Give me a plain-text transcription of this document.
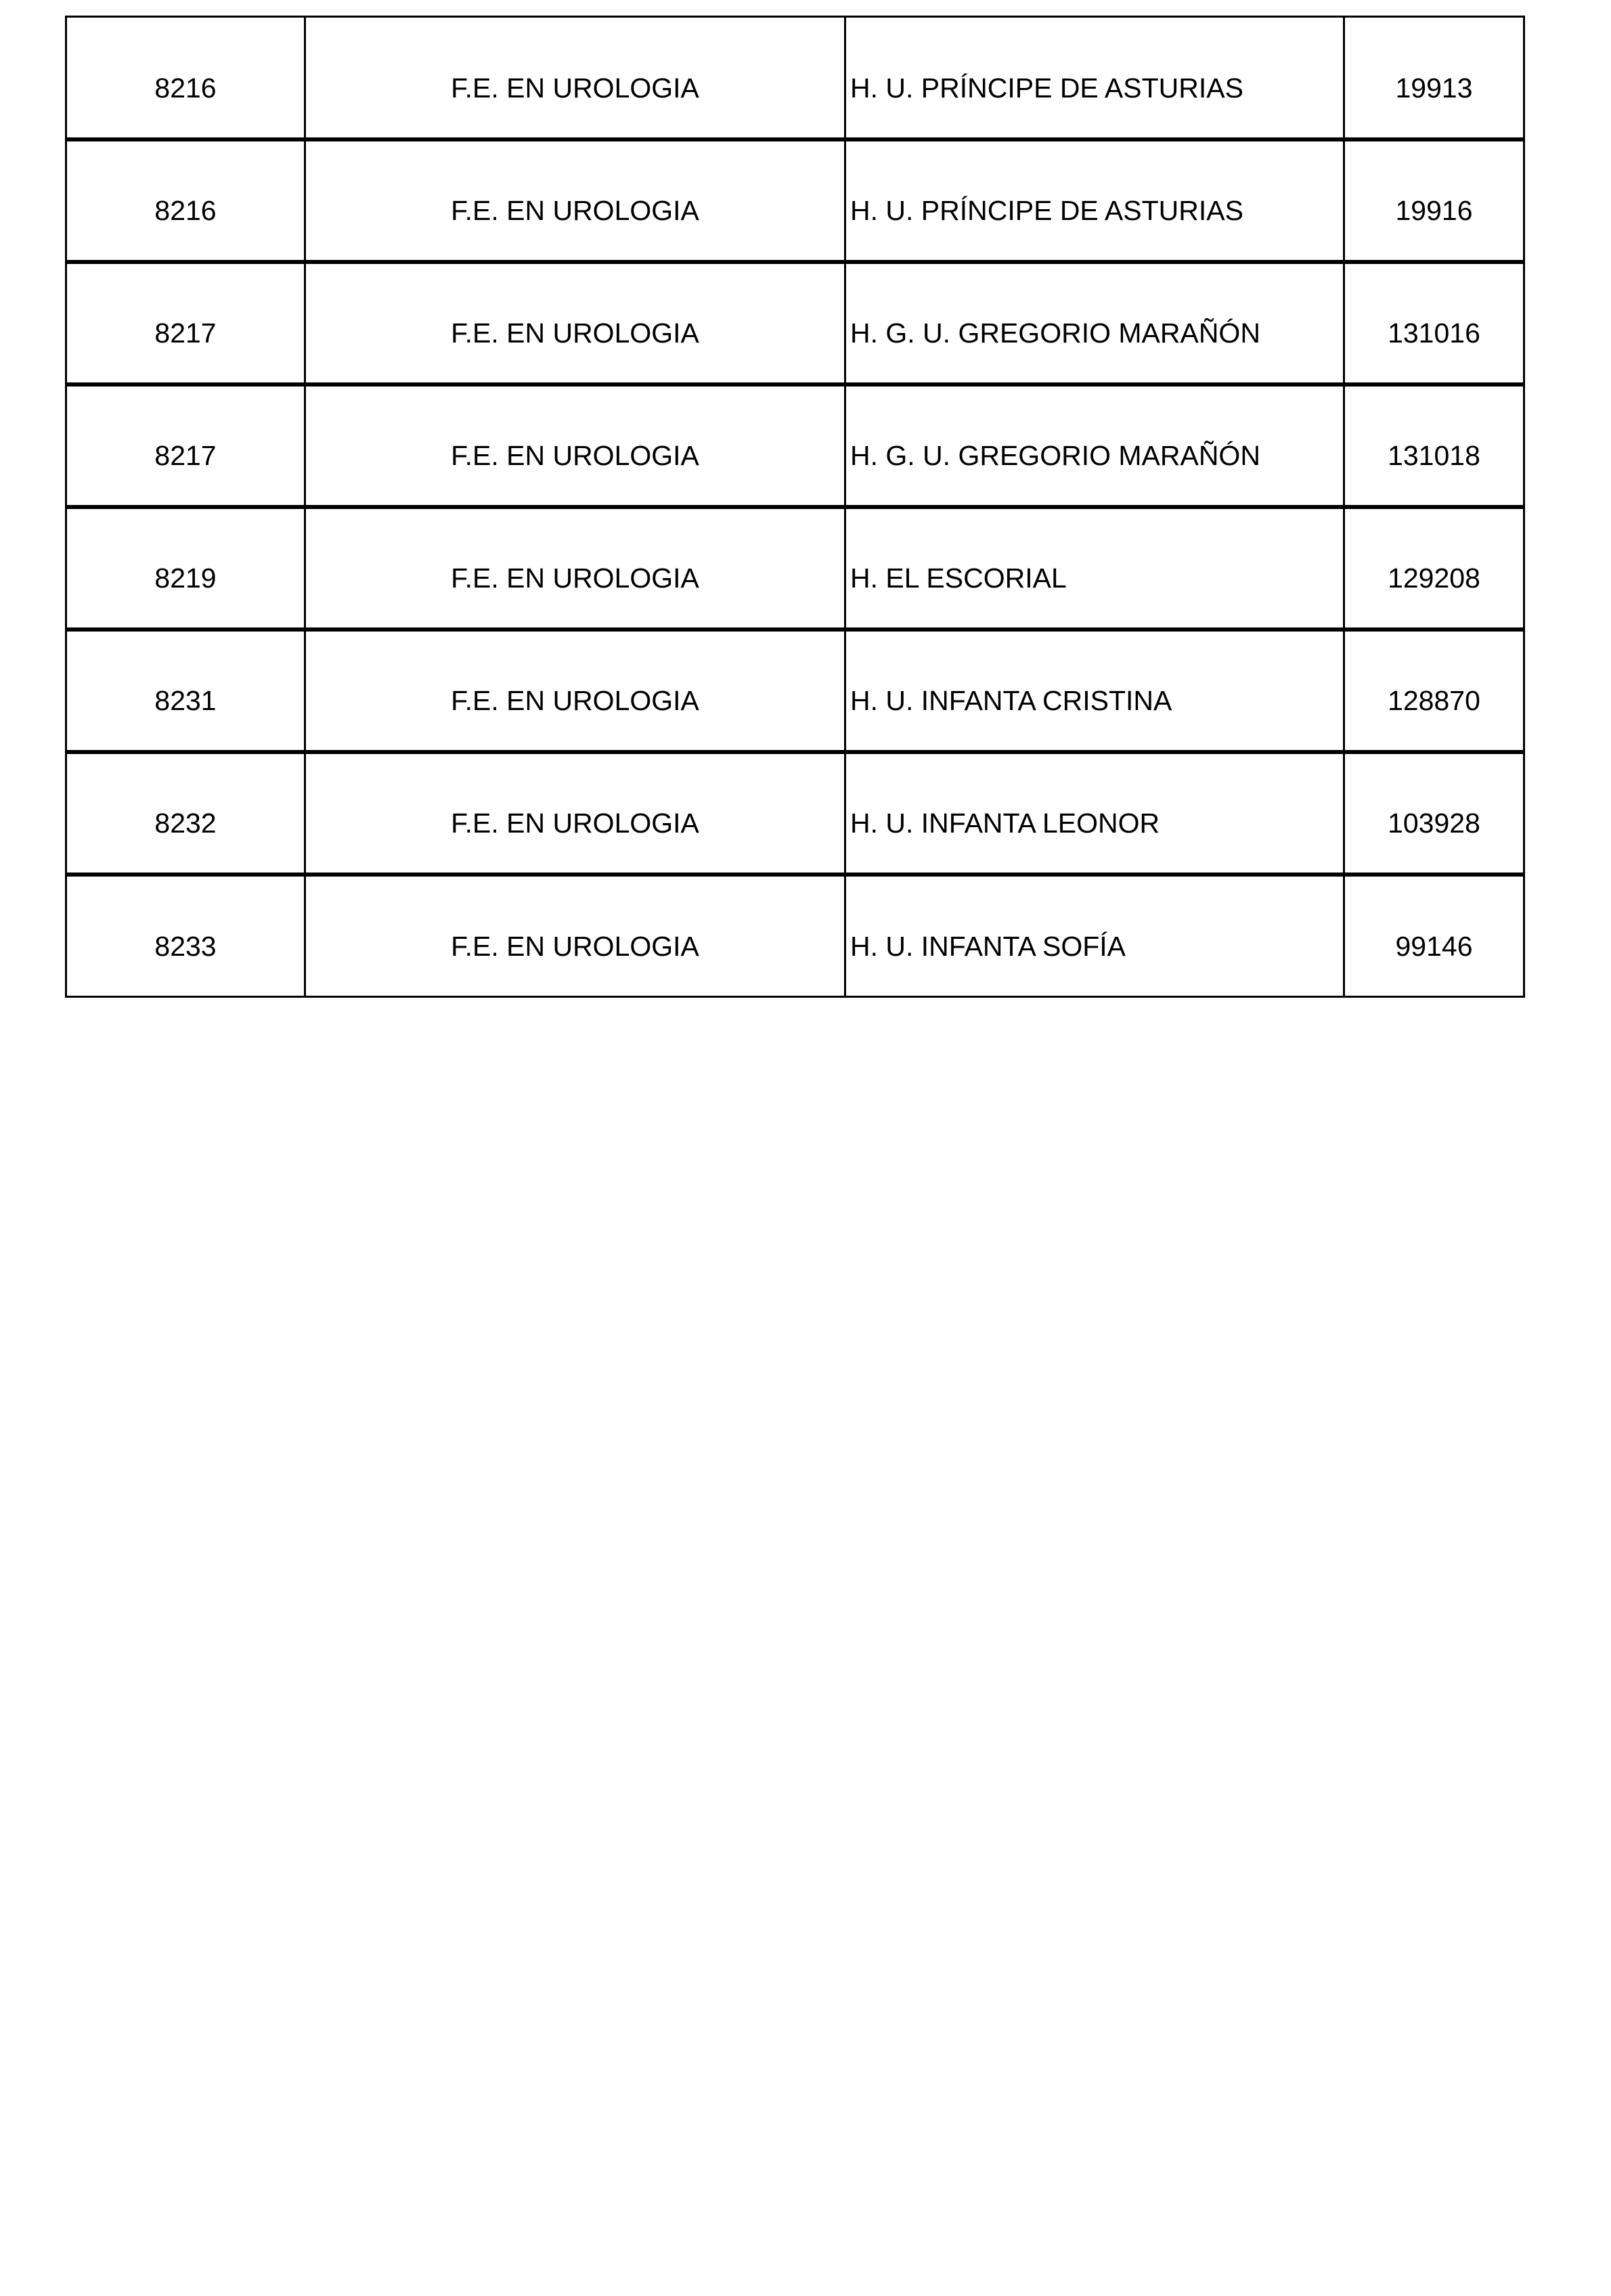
8216	F.E. EN UROLOGIA	H. U. PRÍNCIPE DE ASTURIAS	19913
8216	F.E. EN UROLOGIA	H. U. PRÍNCIPE DE ASTURIAS	19916
8217	F.E. EN UROLOGIA	H. G. U. GREGORIO MARAÑÓN	131016
8217	F.E. EN UROLOGIA	H. G. U. GREGORIO MARAÑÓN	131018
8219	F.E. EN UROLOGIA	H. EL ESCORIAL	129208
8231	F.E. EN UROLOGIA	H. U. INFANTA CRISTINA	128870
8232	F.E. EN UROLOGIA	H. U. INFANTA LEONOR	103928
8233	F.E. EN UROLOGIA	H. U. INFANTA SOFÍA	99146
